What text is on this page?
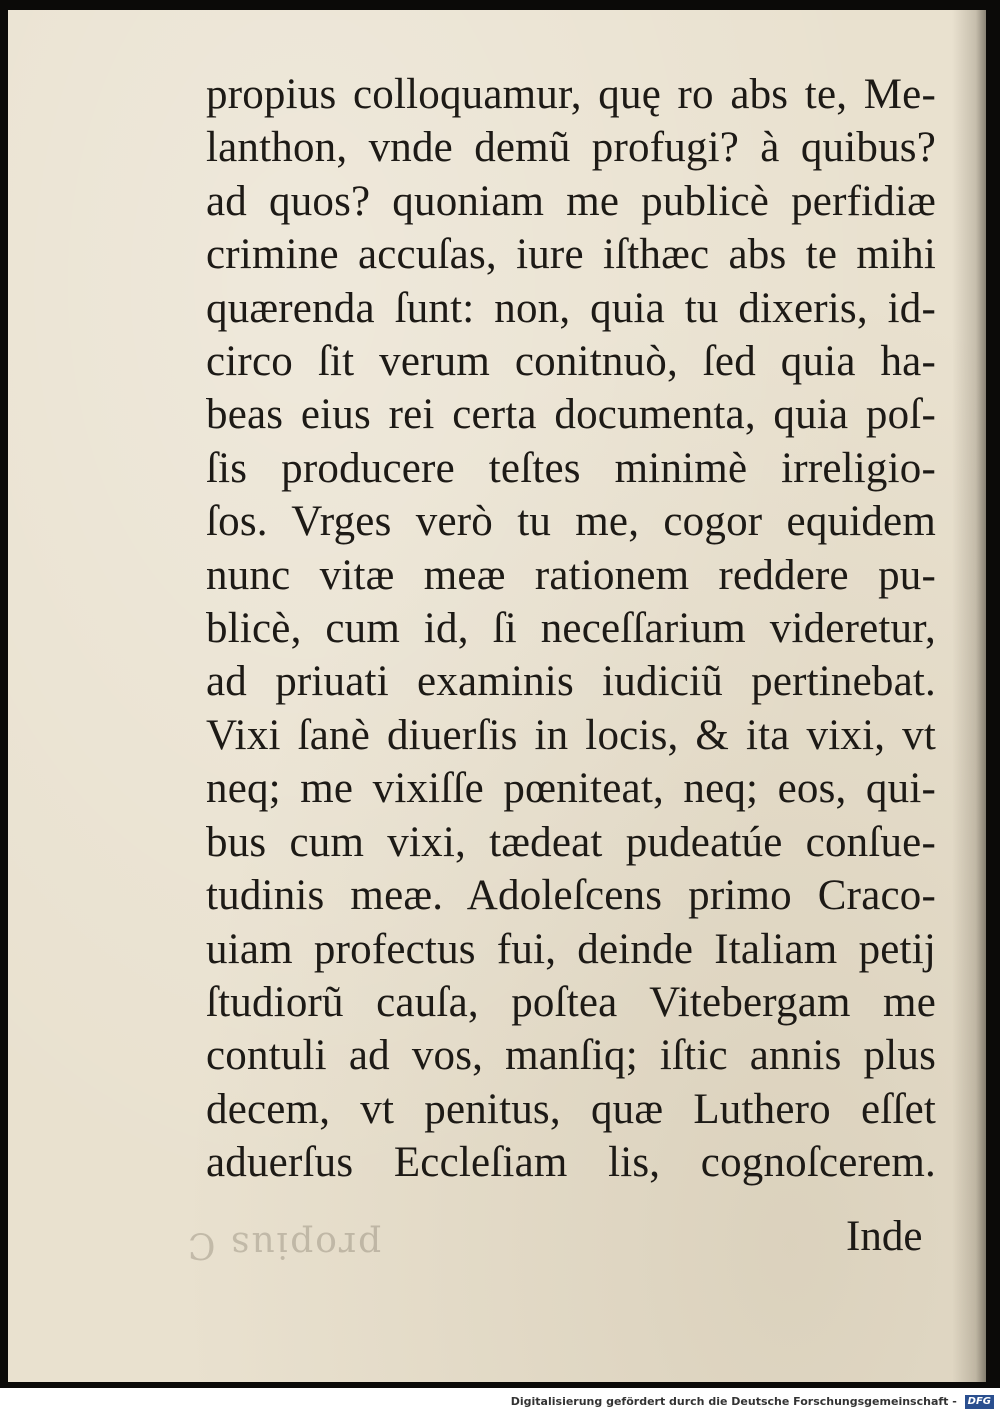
propius C
propius colloquamur, quę ro abs te, Me-
lanthon, vnde demũ profugi? à quibus?
ad quos? quoniam me publicè perfidiæ
crimine accuſas, iure iſthæc abs te mihi
quærenda ſunt: non, quia tu dixeris, id-
circo ſit verum conitnuò, ſed quia ha-
beas eius rei certa documenta, quia poſ-
ſis producere teſtes minimè irreligio-
ſos. Vrges verò tu me, cogor equidem
nunc vitæ meæ rationem reddere pu-
blicè, cum id, ſi neceſſarium videretur,
ad priuati examinis iudiciũ pertinebat.
Vixi ſanè diuerſis in locis, & ita vixi, vt
neq; me vixiſſe pœniteat, neq; eos, qui-
bus cum vixi, tædeat pudeatúe conſue-
tudinis meæ. Adoleſcens primo Craco-
uiam profectus fui, deinde Italiam petij
ſtudiorũ cauſa, poſtea Vitebergam me
contuli ad vos, manſiq; iſtic annis plus
decem, vt penitus, quæ Luthero eſſet
aduerſus Eccleſiam lis, cognoſcerem.
Inde
Digitalisierung gefördert durch die Deutsche Forschungsgemeinschaft - DFG
